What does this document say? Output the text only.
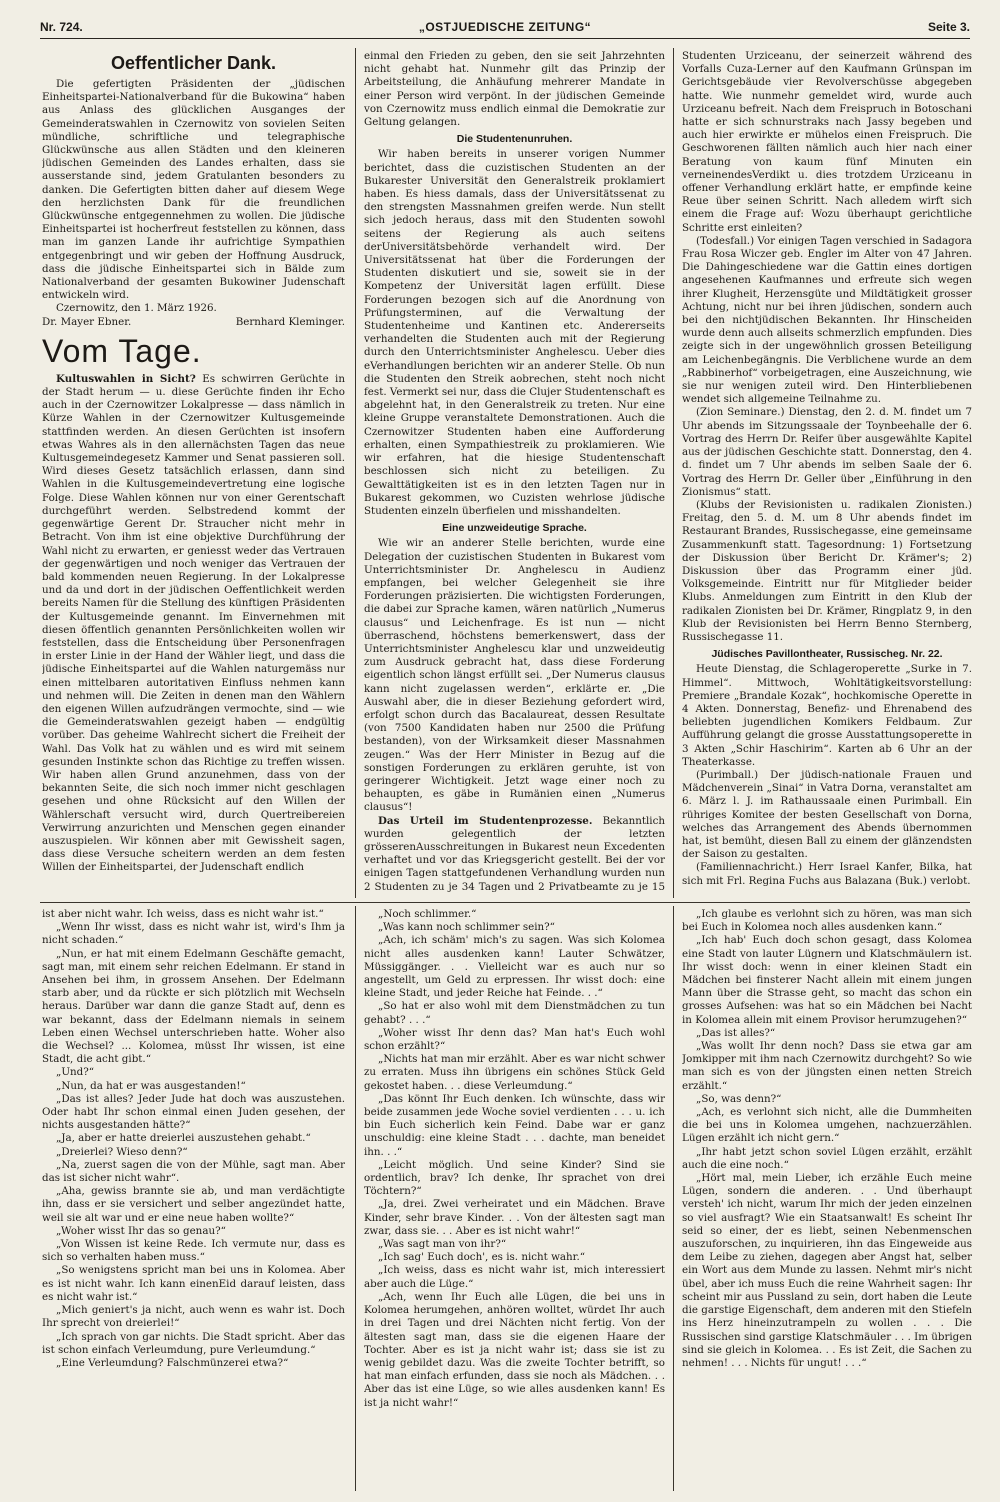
Nr. 724.	„OSTJUEDISCHE ZEITUNG“	Seite 3.
Oeffentlicher Dank.

Die gefertigten Präsidenten der „jüdischen Einheitspartei-Nationalverband für die Bukowina“ haben aus Anlass des glücklichen Ausganges der Gemeinderatswahlen in Czernowitz von sovielen Seiten mündliche, schriftliche und telegraphische Glückwünsche aus allen Städten und den kleineren jüdischen Gemeinden des Landes erhalten, dass sie ausserstande sind, jedem Gratulanten besonders zu danken. Die Gefertigten bitten daher auf diesem Wege den herzlichsten Dank für die freundlichen Glückwünsche entgegennehmen zu wollen. Die jüdische Einheitspartei ist hocherfreut feststellen zu können, dass man im ganzen Lande ihr aufrichtige Sympathien entgegenbringt und wir geben der Hoffnung Ausdruck, dass die jüdische Einheitspartei sich in Bälde zum Nationalverband der gesamten Bukowiner Judenschaft entwickeln wird.

Czernowitz, den 1. März 1926.

Dr. Mayer Ebner.	Bernhard Kleminger.
Vom Tage.

Kultuswahlen in Sicht? Es schwirren Gerüchte in der Stadt herum — u. diese Gerüchte finden ihr Echo auch in der Czernowitzer Lokalpresse — dass nämlich in Kürze Wahlen in der Czernowitzer Kultusgemeinde stattfinden werden. An diesen Gerüchten ist insofern etwas Wahres als in den allernächsten Tagen das neue Kultusgemeindegesetz Kammer und Senat passieren soll. Wird dieses Gesetz tatsächlich erlassen, dann sind Wahlen in die Kultusgemeindevertretung eine logische Folge. Diese Wahlen können nur von einer Gerentschaft durchgeführt werden. Selbstredend kommt der gegenwärtige Gerent Dr. Straucher nicht mehr in Betracht. Von ihm ist eine objektive Durchführung der Wahl nicht zu erwarten, er geniesst weder das Vertrauen der gegenwärtigen und noch weniger das Vertrauen der bald kommenden neuen Regierung. In der Lokalpresse und da und dort in der jüdischen Oeffentlichkeit werden bereits Namen für die Stellung des künftigen Präsidenten der Kultusgemeinde genannt. Im Einvernehmen mit diesen öffentlich genannten Persönlichkeiten wollen wir feststellen, dass die Entscheidung über Personenfragen in erster Linie in der Hand der Wähler liegt, und dass die jüdische Einheitspartei auf die Wahlen naturgemäss nur einen mittelbaren autoritativen Einfluss nehmen kann und nehmen will. Die Zeiten in denen man den Wählern den eigenen Willen aufzudrängen vermochte, sind — wie die Gemeinderatswahlen gezeigt haben — endgültig vorüber. Das geheime Wahlrecht sichert die Freiheit der Wahl. Das Volk hat zu wählen und es wird mit seinem gesunden Instinkte schon das Richtige zu treffen wissen. Wir haben allen Grund anzunehmen, dass von der bekannten Seite, die sich noch immer nicht geschlagen gesehen und ohne Rücksicht auf den Willen der Wählerschaft versucht wird, durch Quertreibereien Verwirrung anzurichten und Menschen gegen einander auszuspielen. Wir können aber mit Gewissheit sagen, dass diese Versuche scheitern werden an dem festen Willen der Einheitspartei, der Judenschaft endlich

einmal den Frieden zu geben, den sie seit Jahrzehnten nicht gehabt hat. Nunmehr gilt das Prinzip der Arbeitsteilung, die Anhäufung mehrerer Mandate in einer Person wird verpönt. In der jüdischen Gemeinde von Czernowitz muss endlich einmal die Demokratie zur Geltung gelangen.

Die Studentenunruhen.

Wir haben bereits in unserer vorigen Nummer berichtet, dass die cuzistischen Studenten an der Bukarester Universität den Generalstreik proklamiert haben. Es hiess damals, dass der Universitätssenat zu den strengsten Massnahmen greifen werde. Nun stellt sich jedoch heraus, dass mit den Studenten sowohl seitens der Regierung als auch seitens derUniversitätsbehörde verhandelt wird. Der Universitätssenat hat über die Forderungen der Studenten diskutiert und sie, soweit sie in der Kompetenz der Universität lagen erfüllt. Diese Forderungen bezogen sich auf die Anordnung von Prüfungsterminen, auf die Verwaltung der Studentenheime und Kantinen etc. Andererseits verhandelten die Studenten auch mit der Regierung durch den Unterrichtsminister Anghelescu. Ueber dies eVerhandlungen berichten wir an anderer Stelle. Ob nun die Studenten den Streik aobrechen, steht noch nicht fest. Vermerkt sei nur, dass die Clujer Studentenschaft es abgelehnt hat, in den Generalstreik zu treten. Nur eine kleine Gruppe veranstaltete Demonstrationen. Auch die Czernowitzer Studenten haben eine Aufforderung erhalten, einen Sympathiestreik zu proklamieren. Wie wir erfahren, hat die hiesige Studentenschaft beschlossen sich nicht zu beteiligen. Zu Gewalttätigkeiten ist es in den letzten Tagen nur in Bukarest gekommen, wo Cuzisten wehrlose jüdische Studenten einzeln überfielen und misshandelten.

Eine unzweideutige Sprache.

Wie wir an anderer Stelle berichten, wurde eine Delegation der cuzistischen Studenten in Bukarest vom Unterrichtsminister Dr. Anghelescu in Audienz empfangen, bei welcher Gelegenheit sie ihre Forderungen präzisierten. Die wichtigsten Forderungen, die dabei zur Sprache kamen, wären natürlich „Numerus clausus“ und Leichenfrage. Es ist nun — nicht überraschend, höchstens bemerkenswert, dass der Unterrichtsminister Anghelescu klar und unzweideutig zum Ausdruck gebracht hat, dass diese Forderung eigentlich schon längst erfüllt sei. „Der Numerus clausus kann nicht zugelassen werden“, erklärte er. „Die Auswahl aber, die in dieser Beziehung gefordert wird, erfolgt schon durch das Bacalaureat, dessen Resultate (von 7500 Kandidaten haben nur 2500 die Prüfung bestanden), von der Wirksamkeit dieser Massnahmen zeugen.“ Was der Herr Minister in Bezug auf die sonstigen Forderungen zu erklären geruhte, ist von geringerer Wichtigkeit. Jetzt wage einer noch zu behaupten, es gäbe in Rumänien einen „Numerus clausus“!

Das Urteil im Studentenprozesse. Bekanntlich wurden gelegentlich der letzten grösserenAusschreitungen in Bukarest neun Excedenten verhaftet und vor das Kriegsgericht gestellt. Bei der vor einigen Tagen stattgefundenen Verhandlung wurden nun 2 Studenten zu je 34 Tagen und 2 Privatbeamte zu je 15

Studenten Urziceanu, der seinerzeit während des Vorfalls Cuza-Lerner auf den Kaufmann Grünspan im Gerichtsgebäude vier Revolverschüsse abgegeben hatte. Wie nunmehr gemeldet wird, wurde auch Urziceanu befreit. Nach dem Freispruch in Botoschani hatte er sich schnurstraks nach Jassy begeben und auch hier erwirkte er mühelos einen Freispruch. Die Geschworenen fällten nämlich auch hier nach einer Beratung von kaum fünf Minuten ein verneinendesVerdikt u. dies trotzdem Urziceanu in offener Verhandlung erklärt hatte, er empfinde keine Reue über seinen Schritt. Nach alledem wirft sich einem die Frage auf: Wozu überhaupt gerichtliche Schritte erst einleiten?

(Todesfall.) Vor einigen Tagen verschied in Sadagora Frau Rosa Wiczer geb. Engler im Alter von 47 Jahren. Die Dahingeschiedene war die Gattin eines dortigen angesehenen Kaufmannes und erfreute sich wegen ihrer Klugheit, Herzensgüte und Mildtätigkeit grosser Achtung, nicht nur bei ihren jüdischen, sondern auch bei den nichtjüdischen Bekannten. Ihr Hinscheiden wurde denn auch allseits schmerzlich empfunden. Dies zeigte sich in der ungewöhnlich grossen Beteiligung am Leichenbegängnis. Die Verblichene wurde an dem „Rabbinerhof“ vorbeigetragen, eine Auszeichnung, wie sie nur wenigen zuteil wird. Den Hinterbliebenen wendet sich allgemeine Teilnahme zu.

(Zion Seminare.) Dienstag, den 2. d. M. findet um 7 Uhr abends im Sitzungssaale der Toynbeehalle der 6. Vortrag des Herrn Dr. Reifer über ausgewählte Kapitel aus der jüdischen Geschichte statt. Donnerstag, den 4. d. findet um 7 Uhr abends im selben Saale der 6. Vortrag des Herrn Dr. Geller über „Einführung in den Zionismus“ statt.

(Klubs der Revisionisten u. radikalen Zionisten.) Freitag, den 5. d. M. um 8 Uhr abends findet im Restaurant Brandes, Russischegasse, eine gemeinsame Zusammenkunft statt. Tagesordnung: 1) Fortsetzung der Diskussion über Bericht Dr. Krämer's; 2) Diskussion über das Programm einer jüd. Volksgemeinde. Eintritt nur für Mitglieder beider Klubs. Anmeldungen zum Eintritt in den Klub der radikalen Zionisten bei Dr. Krämer, Ringplatz 9, in den Klub der Revisionisten bei Herrn Benno Sternberg, Russischegasse 11.

Jüdisches Pavillontheater, Russischeg. Nr. 22.

Heute Dienstag, die Schlageroperette „Surke in 7. Himmel“. Mittwoch, Wohltätigkeitsvorstellung: Premiere „Brandale Kozak“, hochkomische Operette in 4 Akten. Donnerstag, Benefiz- und Ehrenabend des beliebten jugendlichen Komikers Feldbaum. Zur Aufführung gelangt die grosse Ausstattungsoperette in 3 Akten „Schir Haschirim“. Karten ab 6 Uhr an der Theaterkasse.

(Purimball.) Der jüdisch-nationale Frauen und Mädchenverein „Sinai“ in Vatra Dorna, veranstaltet am 6. März l. J. im Rathaussaale einen Purimball. Ein rühriges Komitee der besten Gesellschaft von Dorna, welches das Arrangement des Abends übernommen hat, ist bemüht, diesen Ball zu einem der glänzendsten der Saison zu gestalten.

(Familiennachricht.) Herr Israel Kanfer, Bilka, hat sich mit Frl. Regina Fuchs aus Balazana (Buk.) verlobt.

ist aber nicht wahr. Ich weiss, dass es nicht wahr ist.“

„Wenn Ihr wisst, dass es nicht wahr ist, wird's Ihm ja nicht schaden.“

„Nun, er hat mit einem Edelmann Geschäfte gemacht, sagt man, mit einem sehr reichen Edelmann. Er stand in Ansehen bei ihm, in grossem Ansehen. Der Edelmann starb aber, und da rückte er sich plötzlich mit Wechseln heraus. Darüber war dann die ganze Stadt auf, denn es war bekannt, dass der Edelmann niemals in seinem Leben einen Wechsel unterschrieben hatte. Woher also die Wechsel? ... Kolomea, müsst Ihr wissen, ist eine Stadt, die acht gibt.“

„Und?“

„Nun, da hat er was ausgestanden!“

„Das ist alles? Jeder Jude hat doch was auszustehen. Oder habt Ihr schon einmal einen Juden gesehen, der nichts ausgestanden hätte?“

„Ja, aber er hatte dreierlei auszustehen gehabt.“

„Dreierlei? Wieso denn?“

„Na, zuerst sagen die von der Mühle, sagt man. Aber das ist sicher nicht wahr“.

„Aha, gewiss brannte sie ab, und man verdächtigte ihn, dass er sie versichert und selber angezündet hatte, weil sie alt war und er eine neue haben wollte?“

„Woher wisst Ihr das so genau?“

„Von Wissen ist keine Rede. Ich vermute nur, dass es sich so verhalten haben muss.“

„So wenigstens spricht man bei uns in Kolomea. Aber es ist nicht wahr. Ich kann einenEid darauf leisten, dass es nicht wahr ist.“

„Mich geniert's ja nicht, auch wenn es wahr ist. Doch Ihr sprecht von dreierlei!“

„Ich sprach von gar nichts. Die Stadt spricht. Aber das ist schon einfach Verleumdung, pure Verleumdung.“

„Eine Verleumdung? Falschmünzerei etwa?“

„Noch schlimmer.“

„Was kann noch schlimmer sein?“

„Ach, ich schäm' mich's zu sagen. Was sich Kolomea nicht alles ausdenken kann! Lauter Schwätzer, Müssiggänger. . . Vielleicht war es auch nur so angestellt, um Geld zu erpressen. Ihr wisst doch: eine kleine Stadt, und jeder Reiche hat Feinde. . .“

„So hat er also wohl mit dem Dienstmädchen zu tun gehabt? . . .“

„Woher wisst Ihr denn das? Man hat's Euch wohl schon erzählt?“

„Nichts hat man mir erzählt. Aber es war nicht schwer zu erraten. Muss ihn übrigens ein schönes Stück Geld gekostet haben. . . diese Verleumdung.“

„Das könnt Ihr Euch denken. Ich wünschte, dass wir beide zusammen jede Woche soviel verdienten . . . u. ich bin Euch sicherlich kein Feind. Dabe war er ganz unschuldig: eine kleine Stadt . . . dachte, man beneidet ihn. . .“

„Leicht möglich. Und seine Kinder? Sind sie ordentlich, brav? Ich denke, Ihr sprachet von drei Töchtern?“

„Ja, drei. Zwei verheiratet und ein Mädchen. Brave Kinder, sehr brave Kinder. . . Von der ältesten sagt man zwar, dass sie. . . Aber es ist nicht wahr!“

„Was sagt man von ihr?“

„Ich sag' Euch doch', es is. nicht wahr.“

„Ich weiss, dass es nicht wahr ist, mich interessiert aber auch die Lüge.“

„Ach, wenn Ihr Euch alle Lügen, die bei uns in Kolomea herumgehen, anhören wolltet, würdet Ihr auch in drei Tagen und drei Nächten nicht fertig. Von der ältesten sagt man, dass sie die eigenen Haare der Tochter. Aber es ist ja nicht wahr ist; dass sie ist zu wenig gebildet dazu. Was die zweite Tochter betrifft, so hat man einfach erfunden, dass sie noch als Mädchen. . . Aber das ist eine Lüge, so wie alles ausdenken kann! Es ist ja nicht wahr!“

„Ich glaube es verlohnt sich zu hören, was man sich bei Euch in Kolomea noch alles ausdenken kann.“

„Ich hab' Euch doch schon gesagt, dass Kolomea eine Stadt von lauter Lügnern und Klatschmäulern ist. Ihr wisst doch: wenn in einer kleinen Stadt ein Mädchen bei finsterer Nacht allein mit einem jungen Mann über die Strasse geht, so macht das schon ein grosses Aufsehen: was hat so ein Mädchen bei Nacht in Kolomea allein mit einem Provisor herumzugehen?“

„Das ist alles?“

„Was wollt Ihr denn noch? Dass sie etwa gar am Jomkipper mit ihm nach Czernowitz durchgeht? So wie man sich es von der jüngsten einen netten Streich erzählt.“

„So, was denn?“

„Ach, es verlohnt sich nicht, alle die Dummheiten die bei uns in Kolomea umgehen, nachzuerzählen. Lügen erzählt ich nicht gern.“

„Ihr habt jetzt schon soviel Lügen erzählt, erzählt auch die eine noch.“

„Hört mal, mein Lieber, ich erzähle Euch meine Lügen, sondern die anderen. . . Und überhaupt versteh' ich nicht, warum Ihr mich der jeden einzelnen so viel ausfragt? Wie ein Staatsanwalt! Es scheint Ihr seid so einer, der es liebt, seinen Nebenmenschen auszuforschen, zu inquirieren, ihn das Eingeweide aus dem Leibe zu ziehen, dagegen aber Angst hat, selber ein Wort aus dem Munde zu lassen. Nehmt mir's nicht übel, aber ich muss Euch die reine Wahrheit sagen: Ihr scheint mir aus Pussland zu sein, dort haben die Leute die garstige Eigenschaft, dem anderen mit den Stiefeln ins Herz hineinzutrampeln zu wollen . . . Die Russischen sind garstige Klatschmäuler . . . Im übrigen sind sie gleich in Kolomea. . . Es ist Zeit, die Sachen zu nehmen! . . . Nichts für ungut! . . .“
